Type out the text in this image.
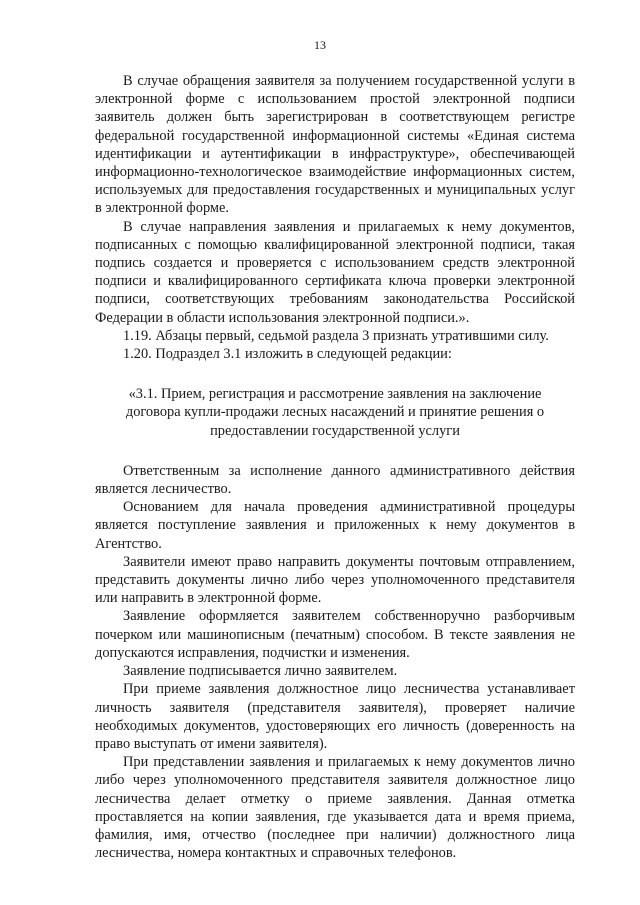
13

В случае обращения заявителя за получением государственной услуги в электронной форме с использованием простой электронной подписи заявитель должен быть зарегистрирован в соответствующем регистре федеральной государственной информационной системы «Единая система идентификации и аутентификации в инфраструктуре», обеспечивающей информационно-технологическое взаимодействие информационных систем, используемых для предоставления государственных и муниципальных услуг в электронной форме.

В случае направления заявления и прилагаемых к нему документов, подписанных с помощью квалифицированной электронной подписи, такая подпись создается и проверяется с использованием средств электронной подписи и квалифицированного сертификата ключа проверки электронной подписи, соответствующих требованиям законодательства Российской Федерации в области использования электронной подписи.».

1.19. Абзацы первый, седьмой раздела 3 признать утратившими силу.

1.20. Подраздел 3.1 изложить в следующей редакции:

«3.1. Прием, регистрация и рассмотрение заявления на заключение договора купли-продажи лесных насаждений и принятие решения о предоставлении государственной услуги

Ответственным за исполнение данного административного действия является лесничество.

Основанием для начала проведения административной процедуры является поступление заявления и приложенных к нему документов в Агентство.

Заявители имеют право направить документы почтовым отправлением, представить документы лично либо через уполномоченного представителя или направить в электронной форме.

Заявление оформляется заявителем собственноручно разборчивым почерком или машинописным (печатным) способом. В тексте заявления не допускаются исправления, подчистки и изменения.

Заявление подписывается лично заявителем.

При приеме заявления должностное лицо лесничества устанавливает личность заявителя (представителя заявителя), проверяет наличие необходимых документов, удостоверяющих его личность (доверенность на право выступать от имени заявителя).

При представлении заявления и прилагаемых к нему документов лично либо через уполномоченного представителя заявителя должностное лицо лесничества делает отметку о приеме заявления. Данная отметка проставляется на копии заявления, где указывается дата и время приема, фамилия, имя, отчество (последнее при наличии) должностного лица лесничества, номера контактных и справочных телефонов.
